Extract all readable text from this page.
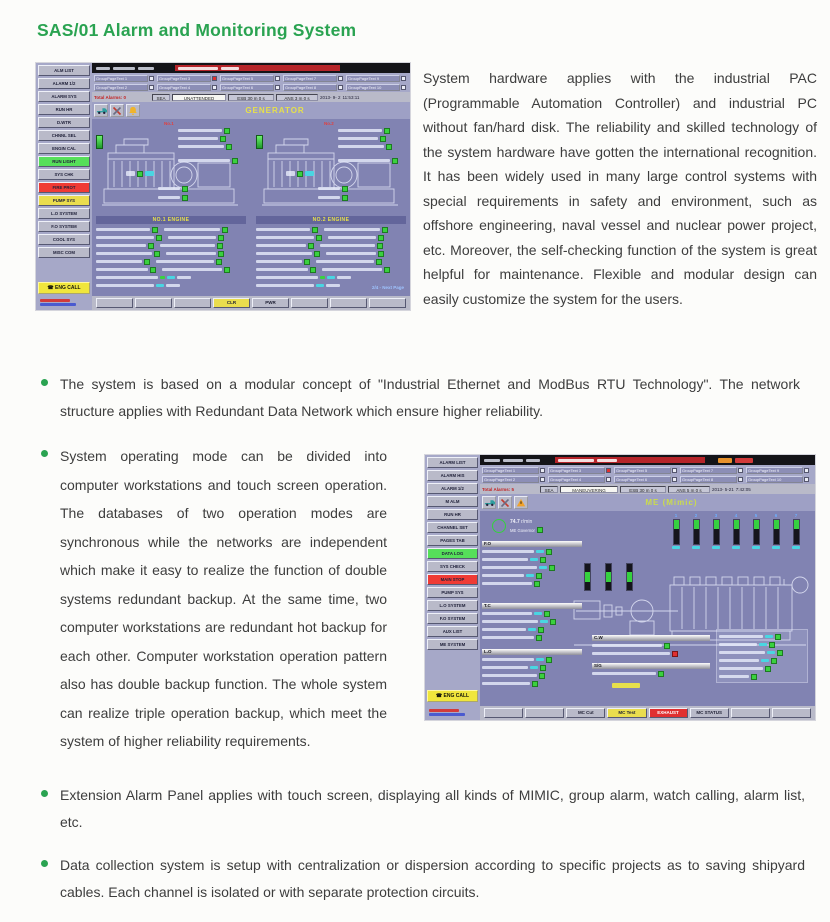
SAS/01 Alarm and Monitoring System
System hardware applies with the industrial PAC (Programmable Automation Controller) and industrial PC without fan/hard disk. The reliability and skilled technology of the system hardware have gotten the international recognition. It has been widely used in many large control systems with special requirements in safety and environment, such as offshore engineering, naval vessel and nuclear power project, etc. Moreover, the self-checking function of the system is great helpful for maintenance. Flexible and modular design can easily customize the system for the users.
The system is based on a modular concept of "Industrial Ethernet and ModBus RTU Technology". The network structure applies with Redundant Data Network which ensure higher reliability.
System operating mode can be divided into computer workstations and touch screen operation. The databases of two operation modes are synchronous while the networks are independent which make it easy to realize the function of double systems redundant backup. At the same time, two computer workstations are redundant hot backup for each other. Computer workstation operation pattern also has double backup function. The whole system can realize triple operation backup, which meet the system of higher reliability requirements.
Extension Alarm Panel applies with touch screen, displaying all kinds of MIMIC, group alarm, watch calling, alarm list, etc.
Data collection system is setup with centralization or dispersion according to specific projects as to saving shipyard cables. Each channel is isolated or with separate protection circuits.
ALM LIST
ALARM 1/2
ALARM SYS
RUN HR
D.WTR
CHNNL SEL
ENGIN CAL
RUN LIGHT
SYS CHK
FIRE PROT
PUMP SYS
L.O SYSTEM
F.O SYSTEM
COOL SYS
MISC COM
☎ ENG CALL
GroupPageText 1
GroupPageText 2
GroupPageText 3
GroupPageText 4
GroupPageText 5
GroupPageText 6
GroupPageText 7
GroupPageText 8
GroupPageText 9
GroupPageText 10
Total Alarms: 0	SEA	UNATTENDED	ESB 30 m 0 s	ANS 3 m 0 s	2013- 9- 2 11:53:11
GENERATOR
No.1	No.2
NO.1 ENGINE	NO.2 ENGINE
2/4 - Next Page
CLR	PWR
ALARM LIST
ALARM HIS
ALARM 1/2
M ALM
RUN HR
CHANNEL SET
PAGES TAB
DATA LOG
SYS CHECK
MAIN STOP
PUMP SYS
L.O SYSTEM
F.O SYSTEM
AUX LIST
ME SYSTEM
☎ ENG CALL
GroupPageText 1
GroupPageText 2
GroupPageText 3
GroupPageText 4
GroupPageText 5
GroupPageText 6
GroupPageText 7
GroupPageText 8
GroupPageText 9
GroupPageText 10
Total Alarms: 5	SEA	MANEUVERING	ESB 30 m 0 s	ANS 5 m 0 s	2013- 5-21 7:42:05
ME (Mimic)
74.7 r/min
ME Governor
1	2	3	4	5	6	7
F.O
T.C
L.O
C.W
S/G
MC Cut	MC Test	EXHAUST	MC STATUS
